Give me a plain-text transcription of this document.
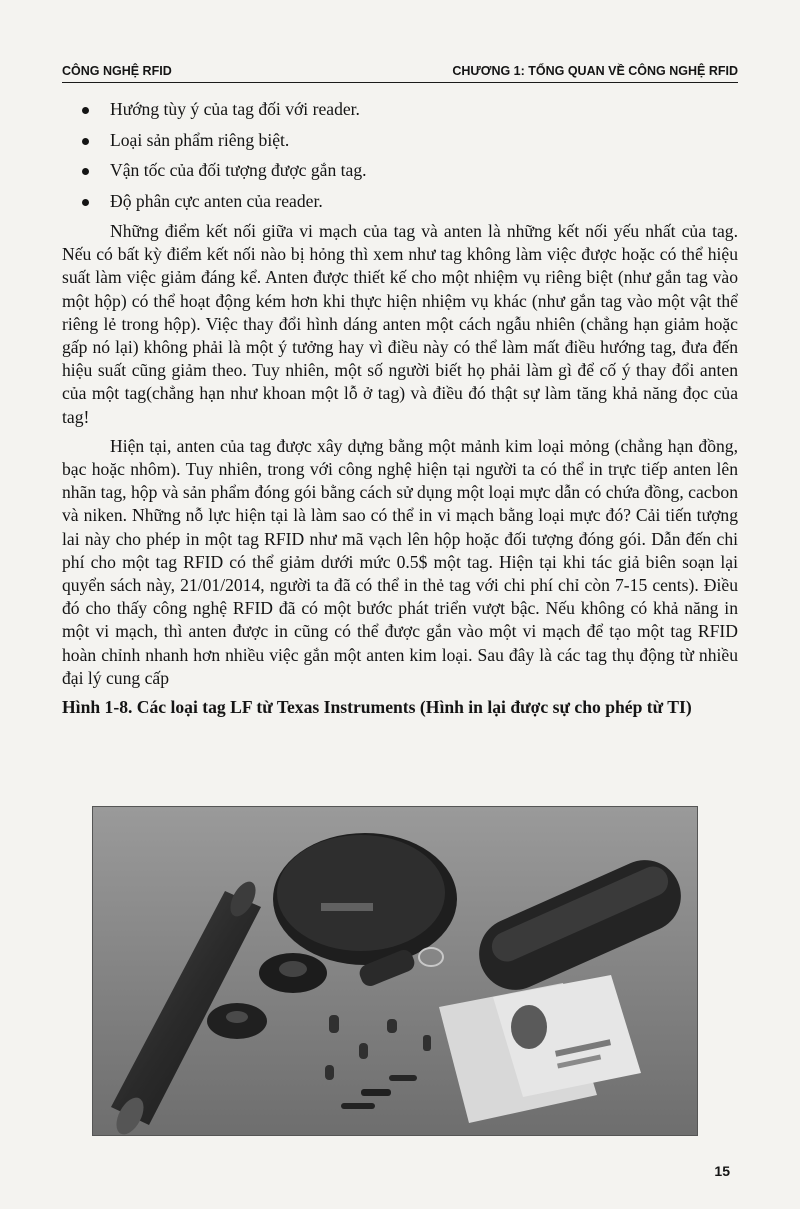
CÔNG NGHỆ RFID	CHƯƠNG 1: TỔNG QUAN VỀ CÔNG NGHỆ RFID
Hướng tùy ý của tag đối với reader.
Loại sản phẩm riêng biệt.
Vận tốc của đối tượng được gắn tag.
Độ phân cực anten của reader.

Những điểm kết nối giữa vi mạch của tag và anten là những kết nối yếu nhất của tag. Nếu có bất kỳ điểm kết nối nào bị hỏng thì xem như tag không làm việc được hoặc có thể hiệu suất làm việc giảm đáng kể. Anten được thiết kế cho một nhiệm vụ riêng biệt (như gắn tag vào một hộp) có thể hoạt động kém hơn khi thực hiện nhiệm vụ khác (như gắn tag vào một vật thể riêng lẻ trong hộp). Việc thay đổi hình dáng anten một cách ngẫu nhiên (chẳng hạn giảm hoặc gấp nó lại) không phải là một ý tưởng hay vì điều này có thể làm mất điều hướng tag, đưa đến hiệu suất cũng giảm theo. Tuy nhiên, một số người biết họ phải làm gì để cố ý thay đổi anten của một tag(chẳng hạn như khoan một lỗ ở tag) và điều đó thật sự làm tăng khả năng đọc của tag!

Hiện tại, anten của tag được xây dựng bằng một mảnh kim loại mỏng (chẳng hạn đồng, bạc hoặc nhôm). Tuy nhiên, trong với công nghệ hiện tại người ta có thể in trực tiếp anten lên nhãn tag, hộp và sản phẩm đóng gói bằng cách sử dụng một loại mực dẫn có chứa đồng, cacbon và niken. Những nỗ lực hiện tại là làm sao có thể in vi mạch bằng loại mực đó? Cải tiến tượng lai này cho phép in một tag RFID như mã vạch lên hộp hoặc đối tượng đóng gói. Dẫn đến chi phí cho một tag RFID có thể giảm dưới mức 0.5$ một tag. Hiện tại khi tác giả biên soạn lại quyển sách này, 21/01/2014, người ta đã có thể in thẻ tag với chi phí chỉ còn 7-15 cents). Điều đó cho thấy công nghệ RFID đã có một bước phát triển vượt bậc. Nếu không có khả năng in một vi mạch, thì anten được in cũng có thể được gắn vào một vi mạch để tạo một tag RFID hoàn chỉnh nhanh hơn nhiều việc gắn một anten kim loại. Sau đây là các tag thụ động từ nhiều đại lý cung cấp

Hình 1-8. Các loại tag LF từ Texas Instruments (Hình in lại được sự cho phép từ TI)
15
